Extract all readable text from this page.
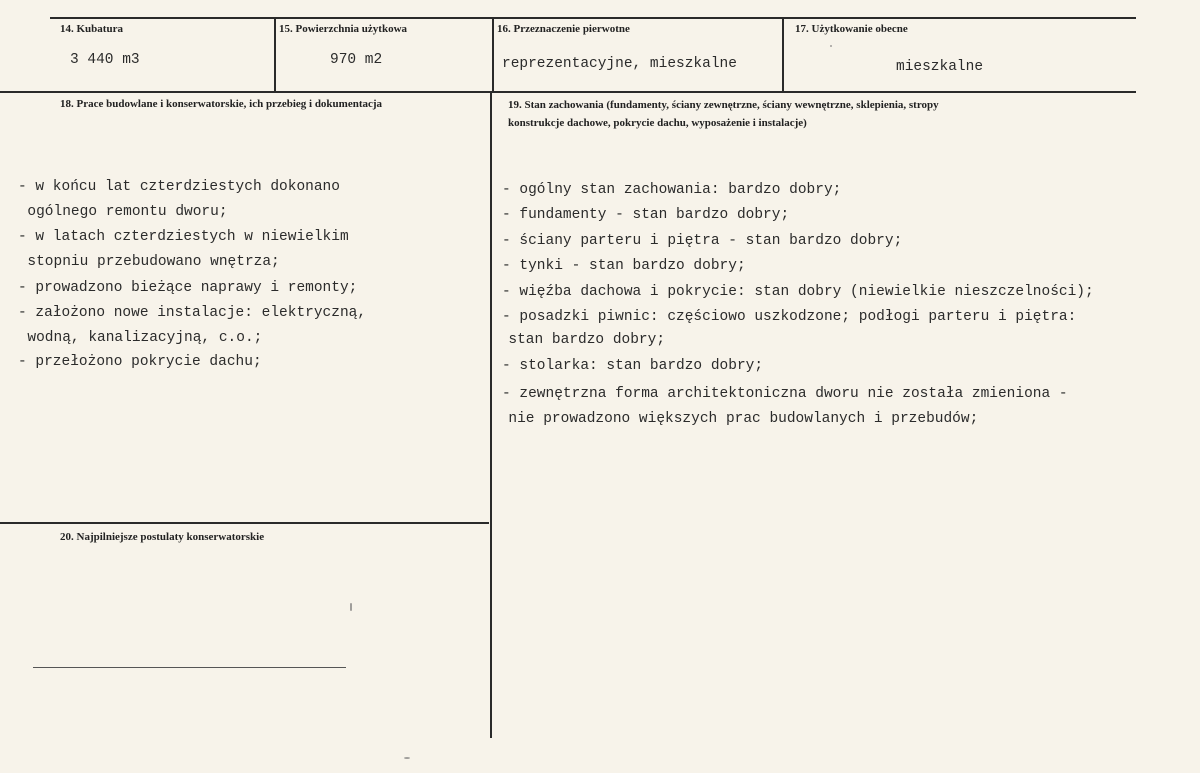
14. Kubatura
3 440 m3
15. Powierzchnia użytkowa
970 m2
16. Przeznaczenie pierwotne
reprezentacyjne, mieszkalne
17. Użytkowanie obecne
mieszkalne
18. Prace budowlane i konserwatorskie, ich przebieg i dokumentacja
- w końcu lat czterdziestych dokonano
ogólnego remontu dworu;
- w latach czterdziestych w niewielkim
stopniu przebudowano wnętrza;
- prowadzono bieżące naprawy i remonty;
- założono nowe instalacje: elektryczną,
wodną, kanalizacyjną, c.o.;
- przełożono pokrycie dachu;
19. Stan zachowania (fundamenty, ściany zewnętrzne, ściany wewnętrzne, sklepienia, stropy
konstrukcje dachowe, pokrycie dachu, wyposażenie i instalacje)
- ogólny stan zachowania: bardzo dobry;
- fundamenty - stan bardzo dobry;
- ściany parteru i piętra - stan bardzo dobry;
- tynki - stan bardzo dobry;
- więźba dachowa i pokrycie: stan dobry (niewielkie nieszczelności);
- posadzki piwnic: częściowo uszkodzone; podłogi parteru i piętra:
stan bardzo dobry;
- stolarka: stan bardzo dobry;
- zewnętrzna forma architektoniczna dworu nie została zmieniona -
nie prowadzono większych prac budowlanych i przebudów;
20. Najpilniejsze postulaty konserwatorskie
